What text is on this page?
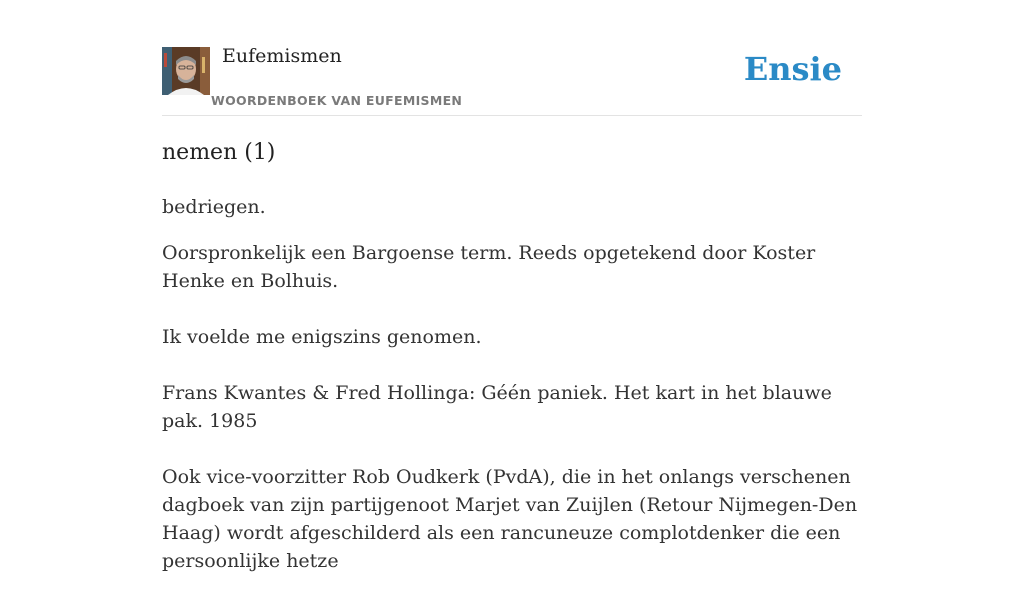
Eufemismen
WOORDENBOEK VAN EUFEMISMEN
Ensie
nemen (1)
bedriegen.

Oorspronkelijk een Bargoense term. Reeds opgetekend door Koster Henke en Bolhuis.

Ik voelde me enigszins genomen.

Frans Kwantes & Fred Hollinga: Géén paniek. Het kart in het blauwe pak. 1985

Ook vice-voorzitter Rob Oudkerk (PvdA), die in het onlangs verschenen dagboek van zijn partijgenoot Marjet van Zuijlen (Retour Nijmegen-Den Haag) wordt afgeschilderd als een rancuneuze complotdenker die een persoonlijke hetze
